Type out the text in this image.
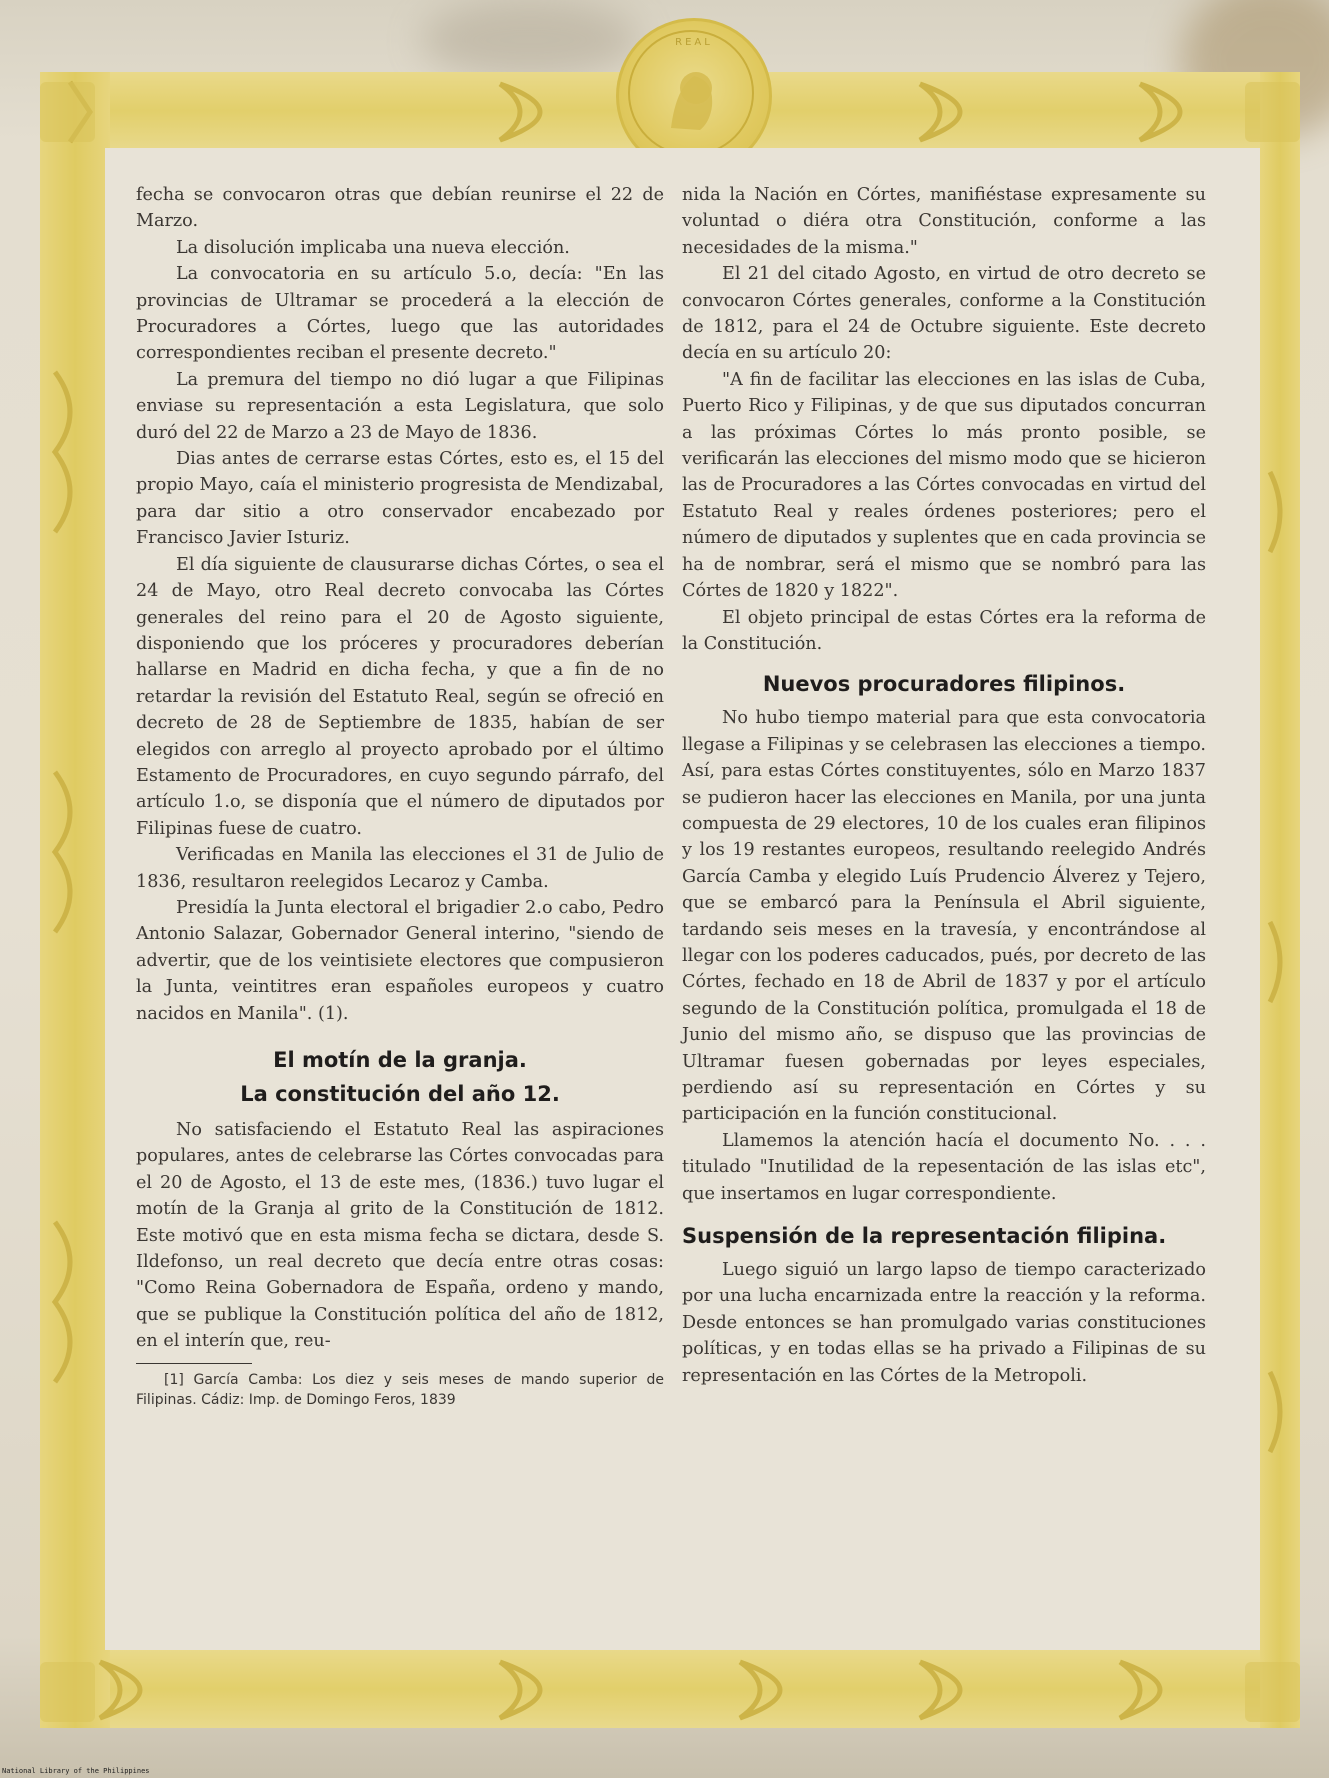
REAL

fecha se convocaron otras que debían reunirse el 22 de Marzo.

La disolución implicaba una nueva elección.

La convocatoria en su artículo 5.o, decía: "En las provincias de Ultramar se procederá a la elección de Procuradores a Córtes, luego que las autoridades correspondientes reciban el presente decreto."

La premura del tiempo no dió lugar a que Filipinas enviase su representación a esta Legislatura, que solo duró del 22 de Marzo a 23 de Mayo de 1836.

Dias antes de cerrarse estas Córtes, esto es, el 15 del propio Mayo, caía el ministerio progresista de Mendizabal, para dar sitio a otro conservador encabezado por Francisco Javier Isturiz.

El día siguiente de clausurarse dichas Córtes, o sea el 24 de Mayo, otro Real decreto convocaba las Córtes generales del reino para el 20 de Agosto siguiente, disponiendo que los próceres y procuradores deberían hallarse en Madrid en dicha fecha, y que a fin de no retardar la revisión del Estatuto Real, según se ofreció en decreto de 28 de Septiembre de 1835, habían de ser elegidos con arreglo al proyecto aprobado por el último Estamento de Procuradores, en cuyo segundo párrafo, del artículo 1.o, se disponía que el número de diputados por Filipinas fuese de cuatro.

Verificadas en Manila las elecciones el 31 de Julio de 1836, resultaron reelegidos Lecaroz y Camba.

Presidía la Junta electoral el brigadier 2.o cabo, Pedro Antonio Salazar, Gobernador General interino, "siendo de advertir, que de los veintisiete electores que compusieron la Junta, veintitres eran españoles europeos y cuatro nacidos en Manila". (1).

El motín de la granja.
La constitución del año 12.

No satisfaciendo el Estatuto Real las aspiraciones populares, antes de celebrarse las Córtes convocadas para el 20 de Agosto, el 13 de este mes, (1836.) tuvo lugar el motín de la Granja al grito de la Constitución de 1812. Este motivó que en esta misma fecha se dictara, desde S. Ildefonso, un real decreto que decía entre otras cosas: "Como Reina Gobernadora de España, ordeno y mando, que se publique la Constitución política del año de 1812, en el interín que, reu-

[1] García Camba: Los diez y seis meses de mando superior de Filipinas. Cádiz: Imp. de Domingo Feros, 1839

nida la Nación en Córtes, manifiéstase expresamente su voluntad o diéra otra Constitución, conforme a las necesidades de la misma."

El 21 del citado Agosto, en virtud de otro decreto se convocaron Córtes generales, conforme a la Constitución de 1812, para el 24 de Octubre siguiente. Este decreto decía en su artículo 20:

"A fin de facilitar las elecciones en las islas de Cuba, Puerto Rico y Filipinas, y de que sus diputados concurran a las próximas Córtes lo más pronto posible, se verificarán las elecciones del mismo modo que se hicieron las de Procuradores a las Córtes convocadas en virtud del Estatuto Real y reales órdenes posteriores; pero el número de diputados y suplentes que en cada provincia se ha de nombrar, será el mismo que se nombró para las Córtes de 1820 y 1822".

El objeto principal de estas Córtes era la reforma de la Constitución.

Nuevos procuradores filipinos.

No hubo tiempo material para que esta convocatoria llegase a Filipinas y se celebrasen las elecciones a tiempo. Así, para estas Córtes constituyentes, sólo en Marzo 1837 se pudieron hacer las elecciones en Manila, por una junta compuesta de 29 electores, 10 de los cuales eran filipinos y los 19 restantes europeos, resultando reelegido Andrés García Camba y elegido Luís Prudencio Álverez y Tejero, que se embarcó para la Península el Abril siguiente, tardando seis meses en la travesía, y encontrándose al llegar con los poderes caducados, pués, por decreto de las Córtes, fechado en 18 de Abril de 1837 y por el artículo segundo de la Constitución política, promulgada el 18 de Junio del mismo año, se dispuso que las provincias de Ultramar fuesen gobernadas por leyes especiales, perdiendo así su representación en Córtes y su participación en la función constitucional.

Llamemos la atención hacía el documento No. . . . titulado "Inutilidad de la repesentación de las islas etc", que insertamos en lugar correspondiente.

Suspensión de la representación filipina.

Luego siguió un largo lapso de tiempo caracterizado por una lucha encarnizada entre la reacción y la reforma. Desde entonces se han promulgado varias constituciones políticas, y en todas ellas se ha privado a Filipinas de su representación en las Córtes de la Metropoli.

National Library of the Philippines
